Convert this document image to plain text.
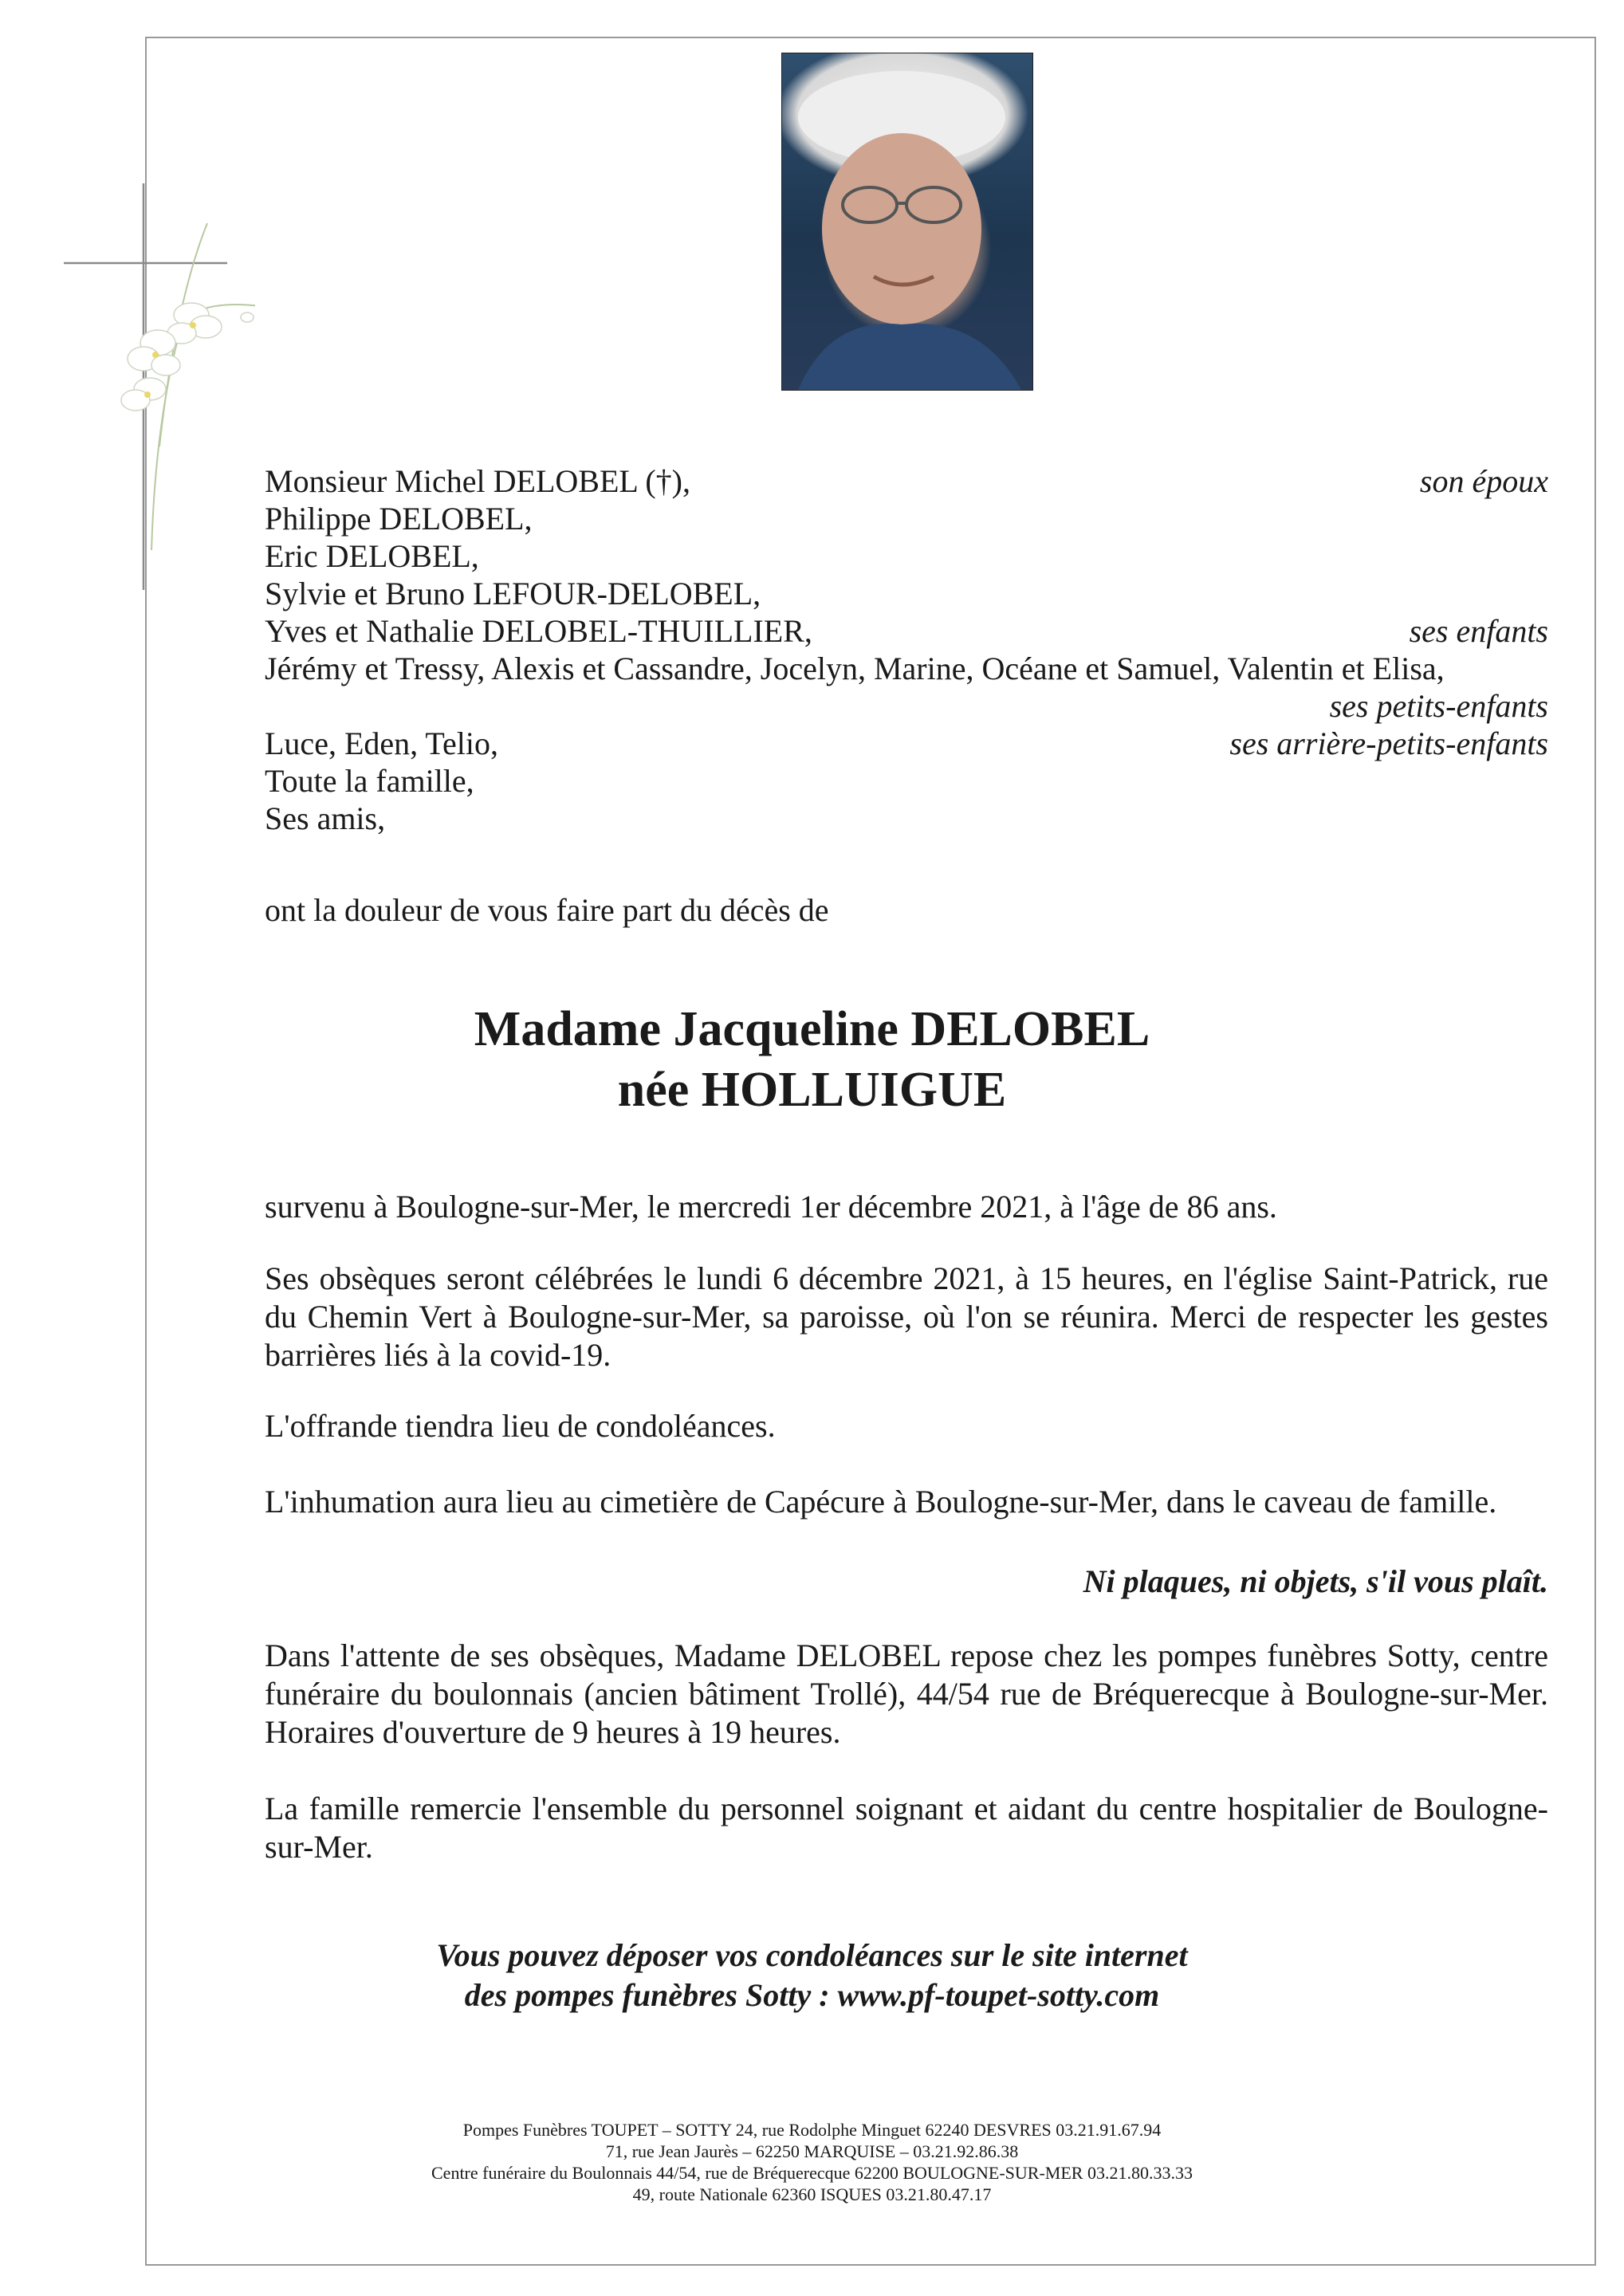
Monsieur Michel DELOBEL (†),	son époux
Philippe DELOBEL,
Eric DELOBEL,
Sylvie et Bruno LEFOUR-DELOBEL,
Yves et Nathalie DELOBEL-THUILLIER,	ses enfants
Jérémy et Tressy, Alexis et Cassandre, Jocelyn, Marine, Océane et Samuel, Valentin et Elisa,
ses petits-enfants
Luce, Eden, Telio,	ses arrière-petits-enfants
Toute la famille,
Ses amis,
ont la douleur de vous faire part du décès de
Madame Jacqueline DELOBEL
née HOLLUIGUE
survenu à Boulogne-sur-Mer, le mercredi 1er décembre 2021, à l'âge de 86 ans.
Ses obsèques seront célébrées le lundi 6 décembre 2021, à 15 heures, en l'église Saint-Patrick, rue du Chemin Vert à Boulogne-sur-Mer, sa paroisse, où l'on se réunira. Merci de respecter les gestes barrières liés à la covid-19.
L'offrande tiendra lieu de condoléances.
L'inhumation aura lieu au cimetière de Capécure à Boulogne-sur-Mer, dans le caveau de famille.
Ni plaques, ni objets, s'il vous plaît.
Dans l'attente de ses obsèques, Madame DELOBEL repose chez les pompes funèbres Sotty, centre funéraire du boulonnais (ancien bâtiment Trollé), 44/54 rue de Bréquerecque à Boulogne-sur-Mer. Horaires d'ouverture de 9 heures à 19 heures.
La famille remercie l'ensemble du personnel soignant et aidant du centre hospitalier de Boulogne-sur-Mer.
Vous pouvez déposer vos condoléances sur le site internet
des pompes funèbres Sotty : www.pf-toupet-sotty.com
Pompes Funèbres TOUPET – SOTTY 24, rue Rodolphe Minguet 62240 DESVRES 03.21.91.67.94
71, rue Jean Jaurès – 62250 MARQUISE – 03.21.92.86.38
Centre funéraire du Boulonnais 44/54, rue de Bréquerecque 62200 BOULOGNE-SUR-MER 03.21.80.33.33
49, route Nationale 62360 ISQUES 03.21.80.47.17
